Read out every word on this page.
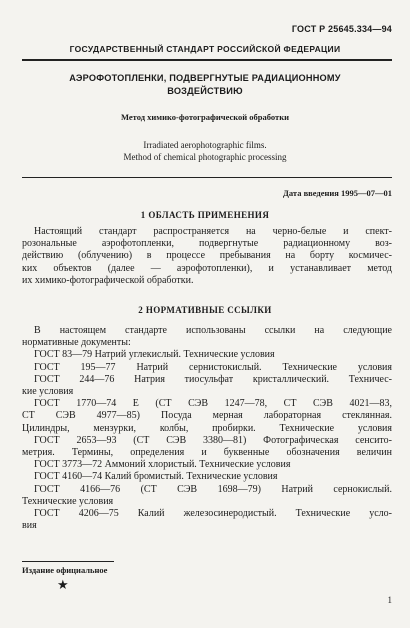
ГОСТ Р 25645.334—94
ГОСУДАРСТВЕННЫЙ СТАНДАРТ РОССИЙСКОЙ ФЕДЕРАЦИИ
АЭРОФОТОПЛЕНКИ, ПОДВЕРГНУТЫЕ РАДИАЦИОННОМУ
ВОЗДЕЙСТВИЮ
Метод химико-фотографической обработки
Irradiated aerophotographic films.
Method of chemical photographic processing
Дата введения 1995—07—01
1 ОБЛАСТЬ ПРИМЕНЕНИЯ
Настоящий стандарт распространяется на черно-белые и спект-
розональные аэрофотопленки, подвергнутые радиационному воз-
действию (облучению) в процессе пребывания на борту космичес-
ких объектов (далее — аэрофотопленки), и устанавливает метод
их химико-фотографической обработки.
2 НОРМАТИВНЫЕ ССЫЛКИ
В настоящем стандарте использованы ссылки на следующие
нормативные документы:
ГОСТ 83—79 Натрий углекислый. Технические условия
ГОСТ 195—77 Натрий сернистокислый. Технические условия
ГОСТ 244—76 Натрия тиосульфат кристаллический. Техничес-
кие условия
ГОСТ 1770—74 Е (СТ СЭВ 1247—78, СТ СЭВ 4021—83,
СТ СЭВ 4977—85) Посуда мерная лабораторная стеклянная.
Цилиндры, мензурки, колбы, пробирки. Технические условия
ГОСТ 2653—93 (СТ СЭВ 3380—81) Фотографическая сенсито-
метрия. Термины, определения и буквенные обозначения величин
ГОСТ 3773—72 Аммоний хлористый. Технические условия
ГОСТ 4160—74 Калий бромистый. Технические условия
ГОСТ 4166—76 (СТ СЭВ 1698—79) Натрий сернокислый.
Технические условия
ГОСТ 4206—75 Калий железосинеродистый. Технические усло-
вия
Издание официальное
★
1
